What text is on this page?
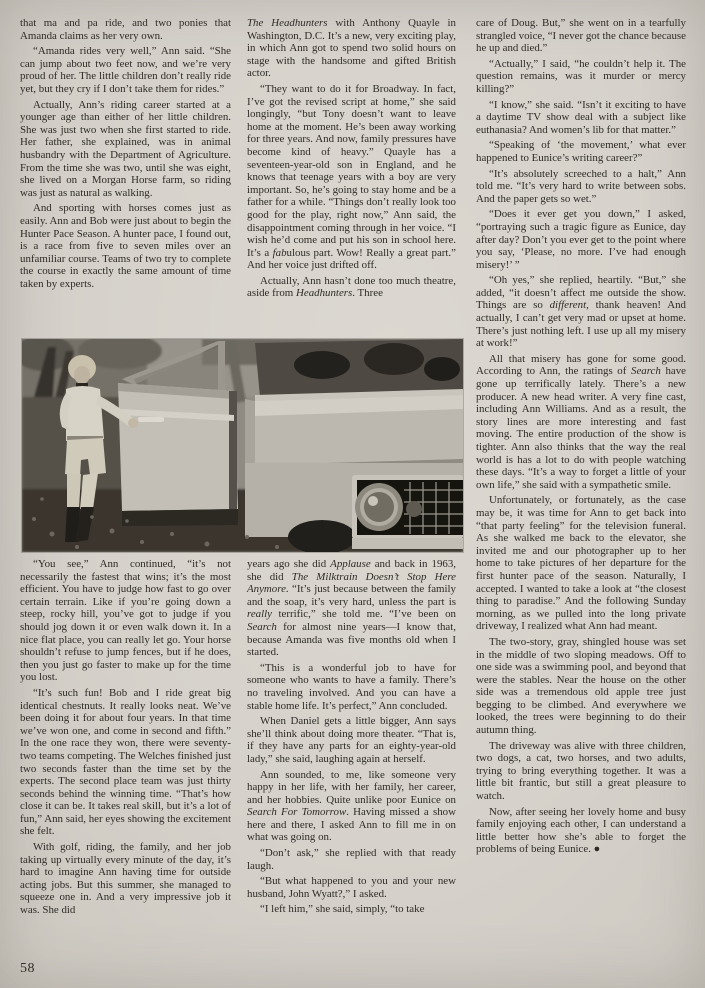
that ma and pa ride, and two ponies that Amanda claims as her very own.

“Amanda rides very well,” Ann said. “She can jump about two feet now, and we’re very proud of her. The little children don’t really ride yet, but they cry if I don’t take them for rides.”

Actually, Ann’s riding career started at a younger age than either of her little children. She was just two when she first started to ride. Her father, she explained, was in animal husbandry with the Department of Agriculture. From the time she was two, until she was eight, she lived on a Morgan Horse farm, so riding was just as natural as walking.

And sporting with horses comes just as easily. Ann and Bob were just about to begin the Hunter Pace Season. A hunter pace, I found out, is a race from five to seven miles over an unfamiliar course. Teams of two try to complete the course in exactly the same amount of time taken by experts.

“You see,” Ann continued, “it’s not necessarily the fastest that wins; it’s the most efficient. You have to judge how fast to go over certain terrain. Like if you’re going down a steep, rocky hill, you’ve got to judge if you should jog down it or even walk down it. In a nice flat place, you can really let go. Your horse shouldn’t refuse to jump fences, but if he does, then you just go faster to make up for the time you lost.

“It’s such fun! Bob and I ride great big identical chestnuts. It really looks neat. We’ve been doing it for about four years. In that time we’ve won one, and come in second and fifth.” In the one race they won, there were seventy-two teams competing. The Welches finished just two seconds faster than the time set by the experts. The second place team was just thirty seconds behind the winning time. “That’s how close it can be. It takes real skill, but it’s a lot of fun,” Ann said, her eyes showing the excitement she felt.

With golf, riding, the family, and her job taking up virtually every minute of the day, it’s hard to imagine Ann having time for outside acting jobs. But this summer, she managed to squeeze one in. And a very impressive job it was. She did

58

The Headhunters with Anthony Quayle in Washington, D.C. It’s a new, very exciting play, in which Ann got to spend two solid hours on stage with the handsome and gifted British actor.

“They want to do it for Broadway. In fact, I’ve got the revised script at home,” she said longingly, “but Tony doesn’t want to leave home at the moment. He’s been away working for three years. And now, family pressures have become kind of heavy.” Quayle has a seventeen-year-old son in England, and he knows that teenage years with a boy are very important. So, he’s going to stay home and be a father for a while. “Things don’t really look too good for the play, right now,” Ann said, the disappointment coming through in her voice. “I wish he’d come and put his son in school here. It’s a fabulous part. Wow! Really a great part.” And her voice just drifted off.

Actually, Ann hasn’t done too much theatre, aside from Headhunters. Three

years ago she did Applause and back in 1963, she did The Milktrain Doesn’t Stop Here Anymore. “It’s just because between the family and the soap, it’s very hard, unless the part is really terrific,” she told me. “I’ve been on Search for almost nine years—I know that, because Amanda was five months old when I started.

“This is a wonderful job to have for someone who wants to have a family. There’s no traveling involved. And you can have a stable home life. It’s perfect,” Ann concluded.

When Daniel gets a little bigger, Ann says she’ll think about doing more theater. “That is, if they have any parts for an eighty-year-old lady,” she said, laughing again at herself.

Ann sounded, to me, like someone very happy in her life, with her family, her career, and her hobbies. Quite unlike poor Eunice on Search For Tomorrow. Having missed a show here and there, I asked Ann to fill me in on what was going on.

“Don’t ask,” she replied with that ready laugh.

“But what happened to you and your new husband, John Wyatt?,” I asked.

“I left him,” she said, simply, “to take

care of Doug. But,” she went on in a tearfully strangled voice, “I never got the chance because he up and died.”

“Actually,” I said, “he couldn’t help it. The question remains, was it murder or mercy killing?”

“I know,” she said. “Isn’t it exciting to have a daytime TV show deal with a subject like euthanasia? And women’s lib for that matter.”

“Speaking of ‘the movement,’ what ever happened to Eunice’s writing career?”

“It’s absolutely screeched to a halt,” Ann told me. “It’s very hard to write between sobs. And the paper gets so wet.”

“Does it ever get you down,” I asked, “portraying such a tragic figure as Eunice, day after day? Don’t you ever get to the point where you say, ‘Please, no more. I’ve had enough misery!’ ”

“Oh yes,” she replied, heartily. “But,” she added, “it doesn’t affect me outside the show. Things are so different, thank heaven! And actually, I can’t get very mad or upset at home. There’s just nothing left. I use up all my misery at work!”

All that misery has gone for some good. According to Ann, the ratings of Search have gone up terrifically lately. There’s a new producer. A new head writer. A very fine cast, including Ann Williams. And as a result, the story lines are more interesting and fast moving. The entire production of the show is tighter. Ann also thinks that the way the real world is has a lot to do with people watching these days. “It’s a way to forget a little of your own life,” she said with a sympathetic smile.

Unfortunately, or fortunately, as the case may be, it was time for Ann to get back into “that party feeling” for the television funeral. As she walked me back to the elevator, she invited me and our photographer up to her home to take pictures of her departure for the first hunter pace of the season. Naturally, I accepted. I wanted to take a look at “the closest thing to paradise.” And the following Sunday morning, as we pulled into the long private driveway, I realized what Ann had meant.

The two-story, gray, shingled house was set in the middle of two sloping meadows. Off to one side was a swimming pool, and beyond that were the stables. Near the house on the other side was a tremendous old apple tree just begging to be climbed. And everywhere we looked, the trees were beginning to do their autumn thing.

The driveway was alive with three children, two dogs, a cat, two horses, and two adults, trying to bring everything together. It was a little bit frantic, but still a great pleasure to watch.

Now, after seeing her lovely home and busy family enjoying each other, I can understand a little better how she’s able to forget the problems of being Eunice. ●
